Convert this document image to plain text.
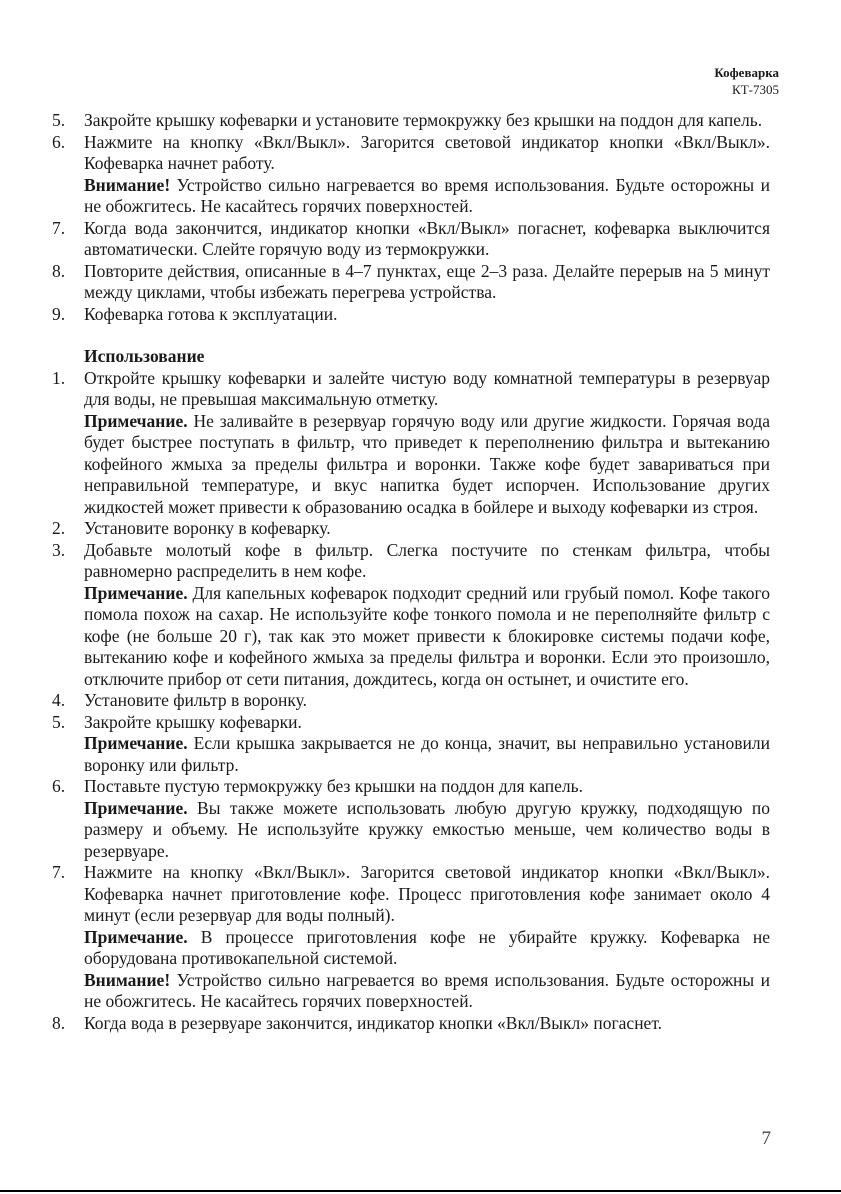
Кофеварка
КТ-7305
5.	Закройте крышку кофеварки и установите термокружку без крышки на поддон для капель.

6.	Нажмите на кнопку «Вкл/Выкл». Загорится световой индикатор кнопки «Вкл/Выкл». Кофеварка начнет работу.

Внимание! Устройство сильно нагревается во время использования. Будьте осторожны и не обожгитесь. Не касайтесь горячих поверхностей.

7.	Когда вода закончится, индикатор кнопки «Вкл/Выкл» погаснет, кофеварка выключится автоматически. Слейте горячую воду из термокружки.

8.	Повторите действия, описанные в 4–7 пунктах, еще 2–3 раза. Делайте перерыв на 5 минут между циклами, чтобы избежать перегрева устройства.

9.	Кофеварка готова к эксплуатации.

Использование
1.	Откройте крышку кофеварки и залейте чистую воду комнатной температуры в резервуар для воды, не превышая максимальную отметку.

Примечание. Не заливайте в резервуар горячую воду или другие жидкости. Горячая вода будет быстрее поступать в фильтр, что приведет к переполнению фильтра и вытеканию кофейного жмыха за пределы фильтра и воронки. Также кофе будет завариваться при неправильной температуре, и вкус напитка будет испорчен. Использование других жидкостей может привести к образованию осадка в бойлере и выходу кофеварки из строя.

2.	Установите воронку в кофеварку.

3.	Добавьте молотый кофе в фильтр. Слегка постучите по стенкам фильтра, чтобы равномерно распределить в нем кофе.

Примечание. Для капельных кофеварок подходит средний или грубый помол. Кофе такого помола похож на сахар. Не используйте кофе тонкого помола и не переполняйте фильтр с кофе (не больше 20 г), так как это может привести к блокировке системы подачи кофе, вытеканию кофе и кофейного жмыха за пределы фильтра и воронки. Если это произошло, отключите прибор от сети питания, дождитесь, когда он остынет, и очистите его.

4.	Установите фильтр в воронку.

5.	Закройте крышку кофеварки.

Примечание. Если крышка закрывается не до конца, значит, вы неправильно установили воронку или фильтр.

6.	Поставьте пустую термокружку без крышки на поддон для капель.

Примечание. Вы также можете использовать любую другую кружку, подходящую по размеру и объему. Не используйте кружку емкостью меньше, чем количество воды в резервуаре.

7.	Нажмите на кнопку «Вкл/Выкл». Загорится световой индикатор кнопки «Вкл/Выкл». Кофеварка начнет приготовление кофе. Процесс приготовления кофе занимает около 4 минут (если резервуар для воды полный).

Примечание. В процессе приготовления кофе не убирайте кружку. Кофеварка не оборудована противокапельной системой.

Внимание! Устройство сильно нагревается во время использования. Будьте осторожны и не обожгитесь. Не касайтесь горячих поверхностей.

8.	Когда вода в резервуаре закончится, индикатор кнопки «Вкл/Выкл» погаснет.

7
